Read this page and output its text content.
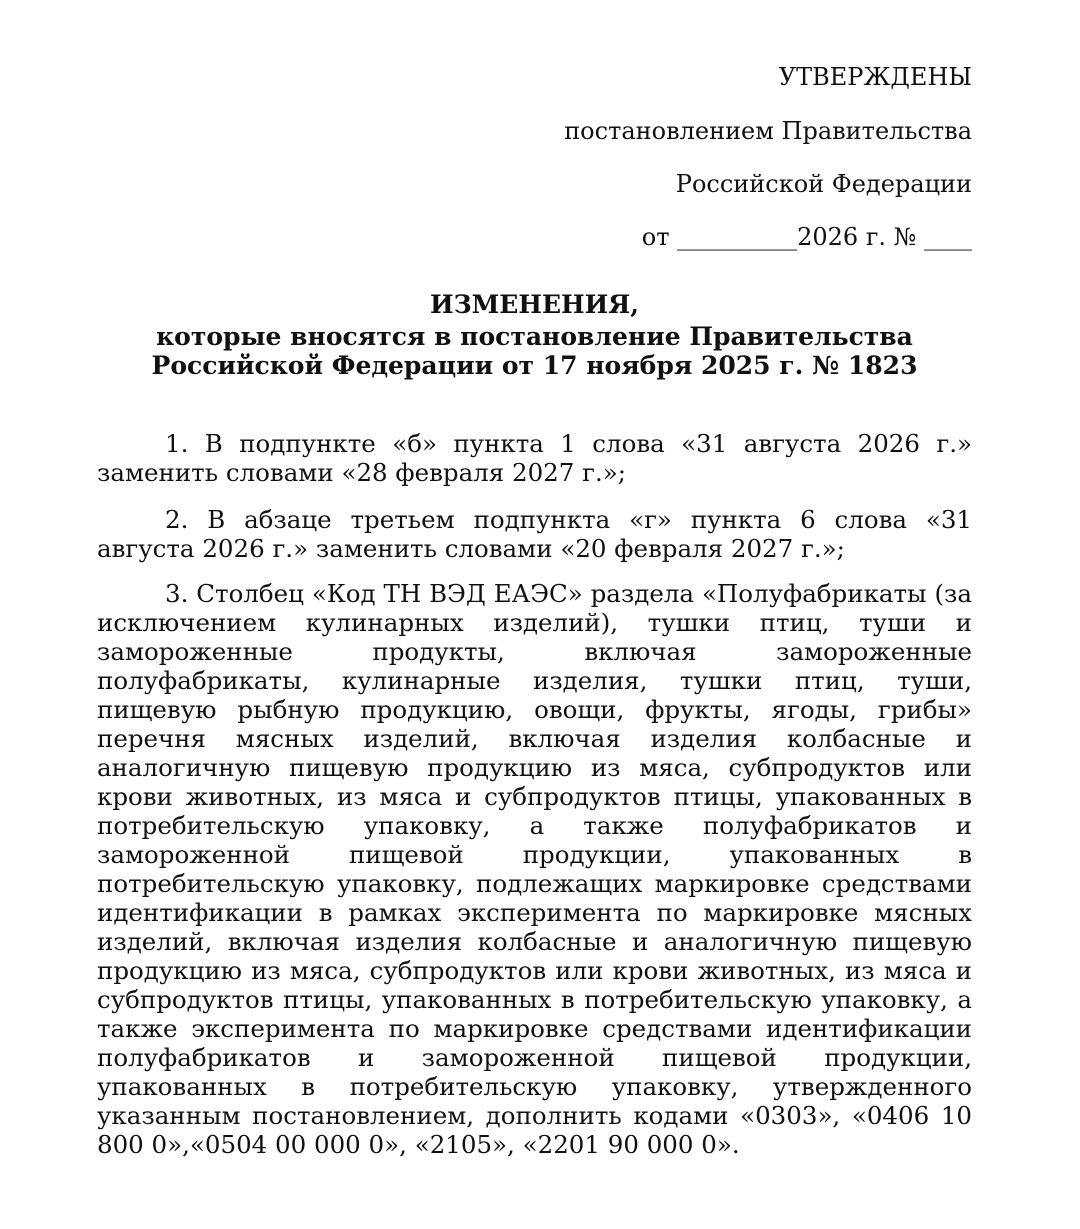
УТВЕРЖДЕНЫ
постановлением Правительства
Российской Федерации
от __________2026 г. № ____
ИЗМЕНЕНИЯ,
которые вносятся в постановление Правительства Российской Федерации от 17 ноября 2025 г. № 1823

1. В подпункте «б» пункта 1 слова «31 августа 2026 г.» заменить словами «28 февраля 2027 г.»;

2. В абзаце третьем подпункта «г» пункта 6 слова «31 августа 2026 г.» заменить словами «20 февраля 2027 г.»;

3. Столбец «Код ТН ВЭД ЕАЭС» раздела «Полуфабрикаты (за исключением кулинарных изделий), тушки птиц, туши и замороженные продукты, включая замороженные полуфабрикаты, кулинарные изделия, тушки птиц, туши, пищевую рыбную продукцию, овощи, фрукты, ягоды, грибы» перечня мясных изделий, включая изделия колбасные и аналогичную пищевую продукцию из мяса, субпродуктов или крови животных, из мяса и субпродуктов птицы, упакованных в потребительскую упаковку, а также полуфабрикатов и замороженной пищевой продукции, упакованных в потребительскую упаковку, подлежащих маркировке средствами идентификации в рамках эксперимента по маркировке мясных изделий, включая изделия колбасные и аналогичную пищевую продукцию из мяса, субпродуктов или крови животных, из мяса и субпродуктов птицы, упакованных в потребительскую упаковку, а также эксперимента по маркировке средствами идентификации полуфабрикатов и замороженной пищевой продукции, упакованных в потребительскую упаковку, утвержденного указанным постановлением, дополнить кодами «0303», «0406 10 800 0»,«0504 00 000 0», «2105», «2201 90 000 0».
